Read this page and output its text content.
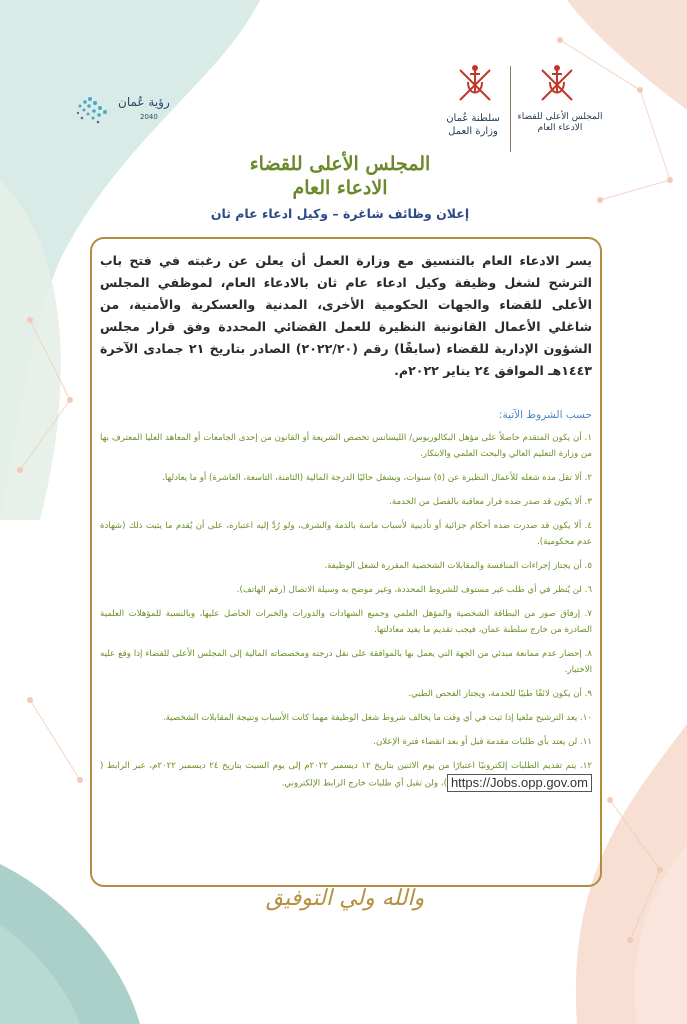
رؤية عُمان
2040	سلطنة عُمان
وزارة العمل
المجلس الأعلى للقضاء
الادعاء العام
المجلس الأعلى للقضاء
الادعاء العام
إعلان وظائف شاغرة – وكيل ادعاء عام ثان
يسر الادعاء العام بالتنسيق مع وزارة العمل أن يعلن عن رغبته في فتح باب الترشح لشغل وظيفة وكيل ادعاء عام ثان بالادعاء العام، لموظفي المجلس الأعلى للقضاء والجهات الحكومية الأخرى، المدنية والعسكرية والأمنية، من شاغلي الأعمال القانونية النظيرة للعمل القضائي المحددة وفق قرار مجلس الشؤون الإدارية للقضاء (سابقًا) رقم (٢٠٢٢/٢٠) الصادر بتاريخ ٢١ جمادى الآخرة ١٤٤٣هـ الموافق ٢٤ يناير ٢٠٢٢م.
حسب الشروط الآتية:
١. أن يكون المتقدم حاصلاً على مؤهل البكالوريوس/ الليسانس تخصص الشريعة أو القانون من إحدى الجامعات أو المعاهد العليا المعترف بها من وزارة التعليم العالي والبحث العلمي والابتكار.
٢. ألا تقل مدة شغله للأعمال النظيرة عن (٥) سنوات، ويشغل حاليًا الدرجة المالية (الثامنة، التاسعة، العاشرة) أو ما يعادلها.
٣. ألا يكون قد صدر ضده قرار معاقبة بالفصل من الخدمة.
٤. ألا يكون قد صدرت ضده أحكام جزائية أو تأديبية لأسباب ماسة بالذمة والشرف، ولو رُدَّ إليه اعتباره، على أن يُقدم ما يثبت ذلك (شهادة عدم محكومية).
٥. أن يجتاز إجراءات المنافسة والمقابلات الشخصية المقررة لشغل الوظيفة.
٦. لن يُنظر في أي طلب غير مستوف للشروط المحددة، وغير موضح به وسيلة الاتصال (رقم الهاتف).
٧. إرفاق صور من البطاقة الشخصية والمؤهل العلمي وجميع الشهادات والدورات والخبرات الحاصل عليها، وبالنسبة للمؤهلات العلمية الصادرة من خارج سلطنة عمان، فيجب تقديم ما يفيد معادلتها.
٨. إحضار عدم ممانعة مبدئي من الجهة التي يعمل بها بالموافقة على نقل درجته ومخصصاته المالية إلى المجلس الأعلى للقضاء إذا وقع عليه الاختيار.
٩. أن يكون لائقًا طبيًا للخدمة، ويجتاز الفحص الطبي.
١٠. يعد الترشيح ملغيا إذا ثبت في أي وقت ما يخالف شروط شغل الوظيفة مهما كانت الأسباب ونتيجة المقابلات الشخصية.
١١. لن يعتد بأي طلبات مقدمة قبل أو بعد انقضاء فترة الإعلان.
١٢. يتم تقديم الطلبات إلكترونيًا اعتبارًا من يوم الاثنين بتاريخ ١٢ ديسمبر ٢٠٢٢م إلى يوم السبت بتاريخ ٢٤ ديسمبر ٢٠٢٢م، عبر الرابط (https://Jobs.opp.gov.om)، ولن تقبل أي طلبات خارج الرابط الإلكتروني.
والله ولي التوفيق
